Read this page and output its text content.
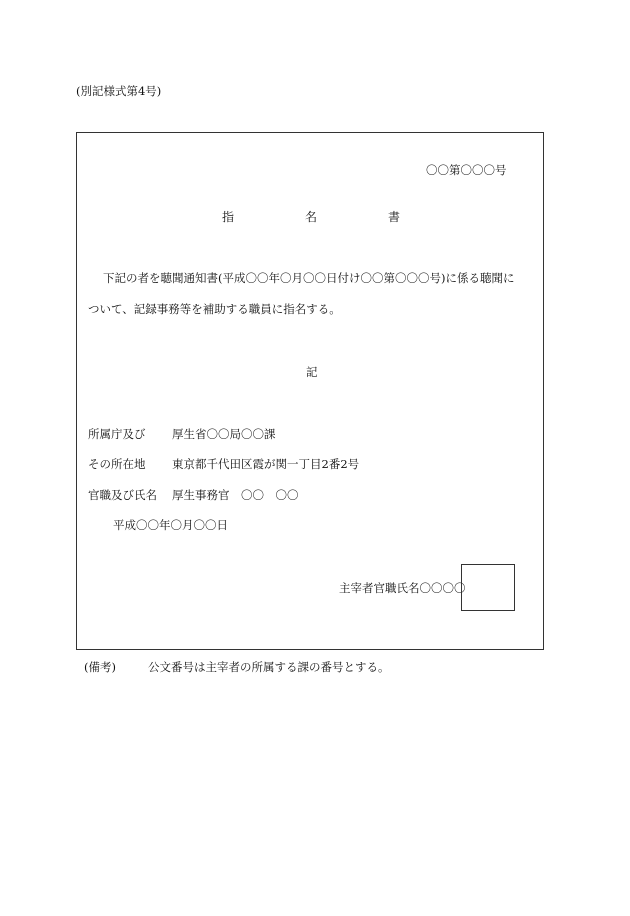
(別記様式第4号)
〇〇第〇〇〇号
指	名	書
下記の者を聴聞通知書(平成〇〇年〇月〇〇日付け〇〇第〇〇〇号)に係る聴聞に
ついて、記録事務等を補助する職員に指名する。
記
所属庁及び 厚生省〇〇局〇〇課
その所在地 東京都千代田区霞が関一丁目2番2号
官職及び氏名 厚生事務官　〇〇　〇〇
平成〇〇年〇月〇〇日
主宰者官職氏名〇〇〇〇
(備考)	公文番号は主宰者の所属する課の番号とする。
